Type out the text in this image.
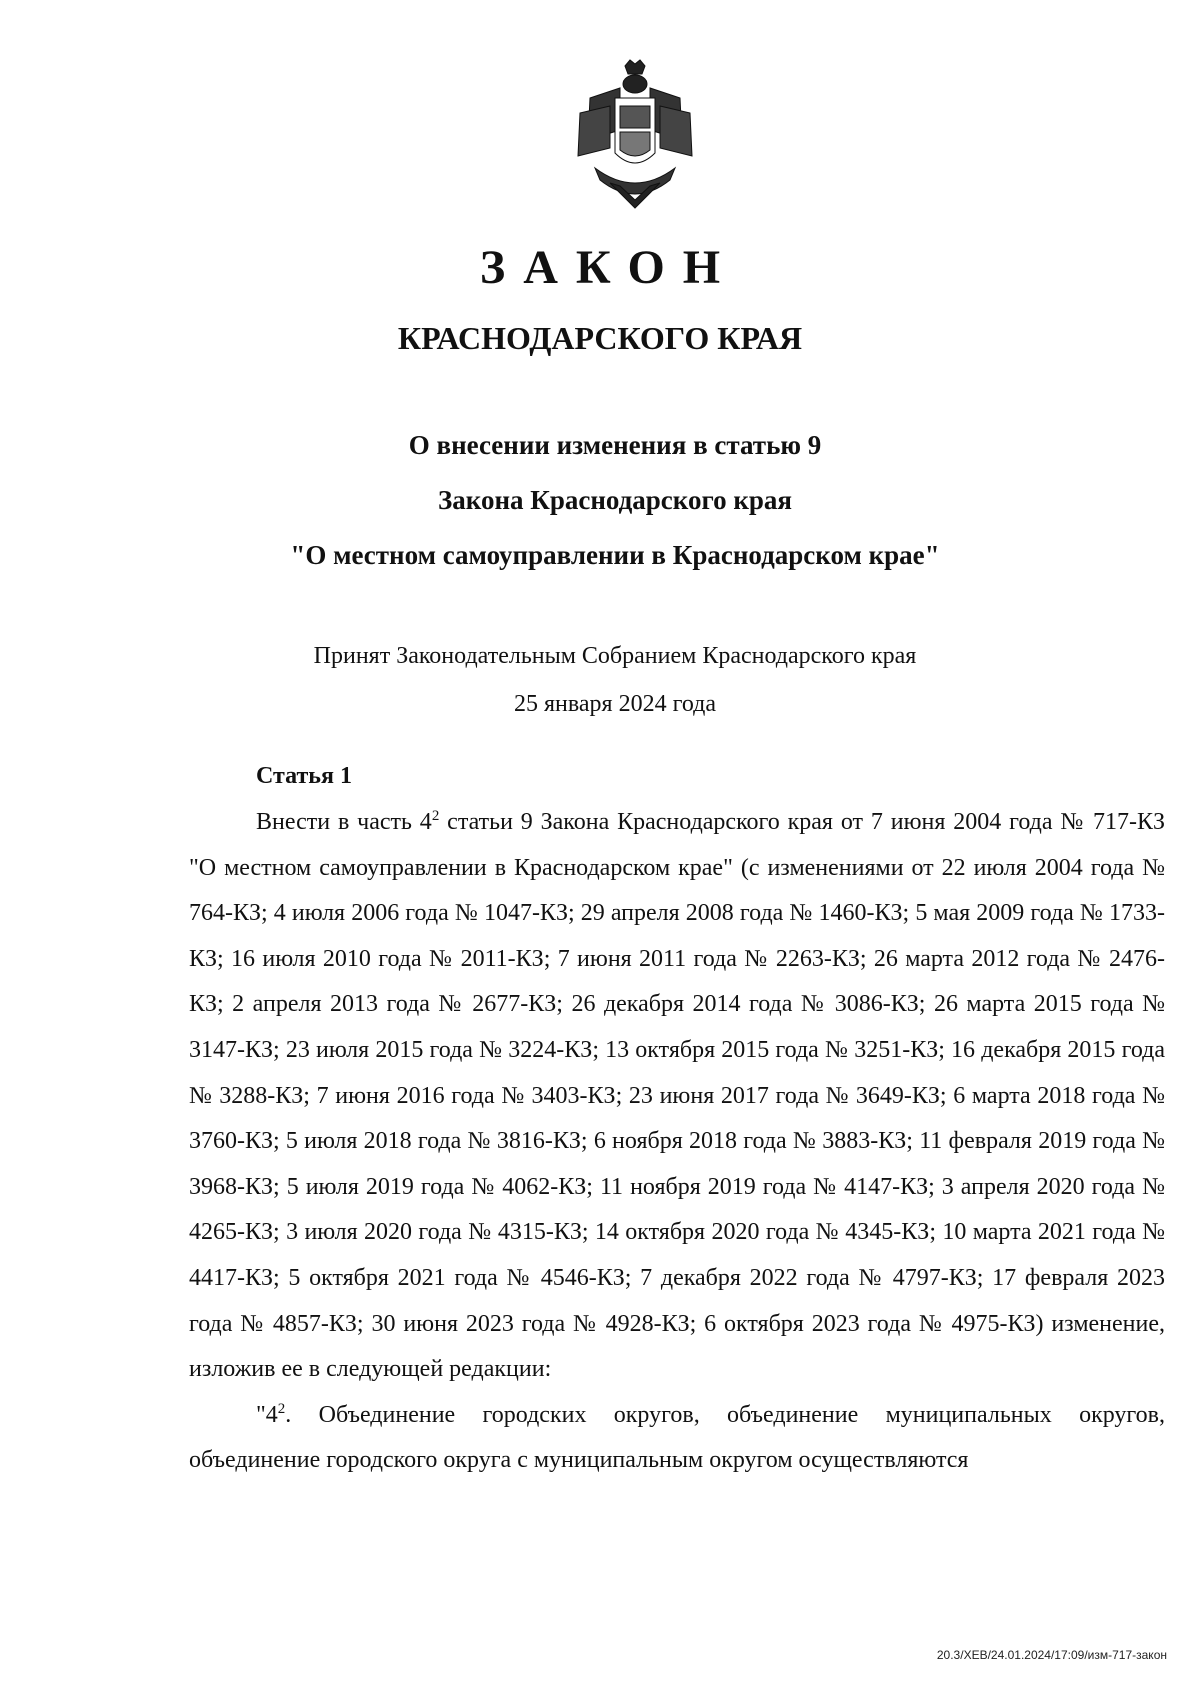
ЗАКОН
КРАСНОДАРСКОГО КРАЯ
О внесении изменения в статью 9
Закона Краснодарского края
"О местном самоуправлении в Краснодарском крае"
Принят Законодательным Собранием Краснодарского края
25 января 2024 года
Статья 1

Внести в часть $4^2$ статьи 9 Закона Краснодарского края от 7 июня 2004 года № 717-КЗ "О местном самоуправлении в Краснодарском крае" (с изменениями от 22 июля 2004 года № 764-КЗ; 4 июля 2006 года № 1047-КЗ; 29 апреля 2008 года № 1460-КЗ; 5 мая 2009 года № 1733-КЗ; 16 июля 2010 года № 2011-КЗ; 7 июня 2011 года № 2263-КЗ; 26 марта 2012 года № 2476-КЗ; 2 апреля 2013 года № 2677-КЗ; 26 декабря 2014 года № 3086-КЗ; 26 марта 2015 года № 3147-КЗ; 23 июля 2015 года № 3224-КЗ; 13 октября 2015 года № 3251-КЗ; 16 декабря 2015 года № 3288-КЗ; 7 июня 2016 года № 3403-КЗ; 23 июня 2017 года № 3649-КЗ; 6 марта 2018 года № 3760-КЗ; 5 июля 2018 года № 3816-КЗ; 6 ноября 2018 года № 3883-КЗ; 11 февраля 2019 года № 3968-КЗ; 5 июля 2019 года № 4062-КЗ; 11 ноября 2019 года № 4147-КЗ; 3 апреля 2020 года № 4265-КЗ; 3 июля 2020 года № 4315-КЗ; 14 октября 2020 года № 4345-КЗ; 10 марта 2021 года № 4417-КЗ; 5 октября 2021 года № 4546-КЗ; 7 декабря 2022 года № 4797-КЗ; 17 февраля 2023 года № 4857-КЗ; 30 июня 2023 года № 4928-КЗ; 6 октября 2023 года № 4975-КЗ) изменение, изложив ее в следующей редакции:

"$4^2$. Объединение городских округов, объединение муниципальных округов, объединение городского округа с муниципальным округом осуществляются

20.3/ХЕВ/24.01.2024/17:09/изм-717-закон
